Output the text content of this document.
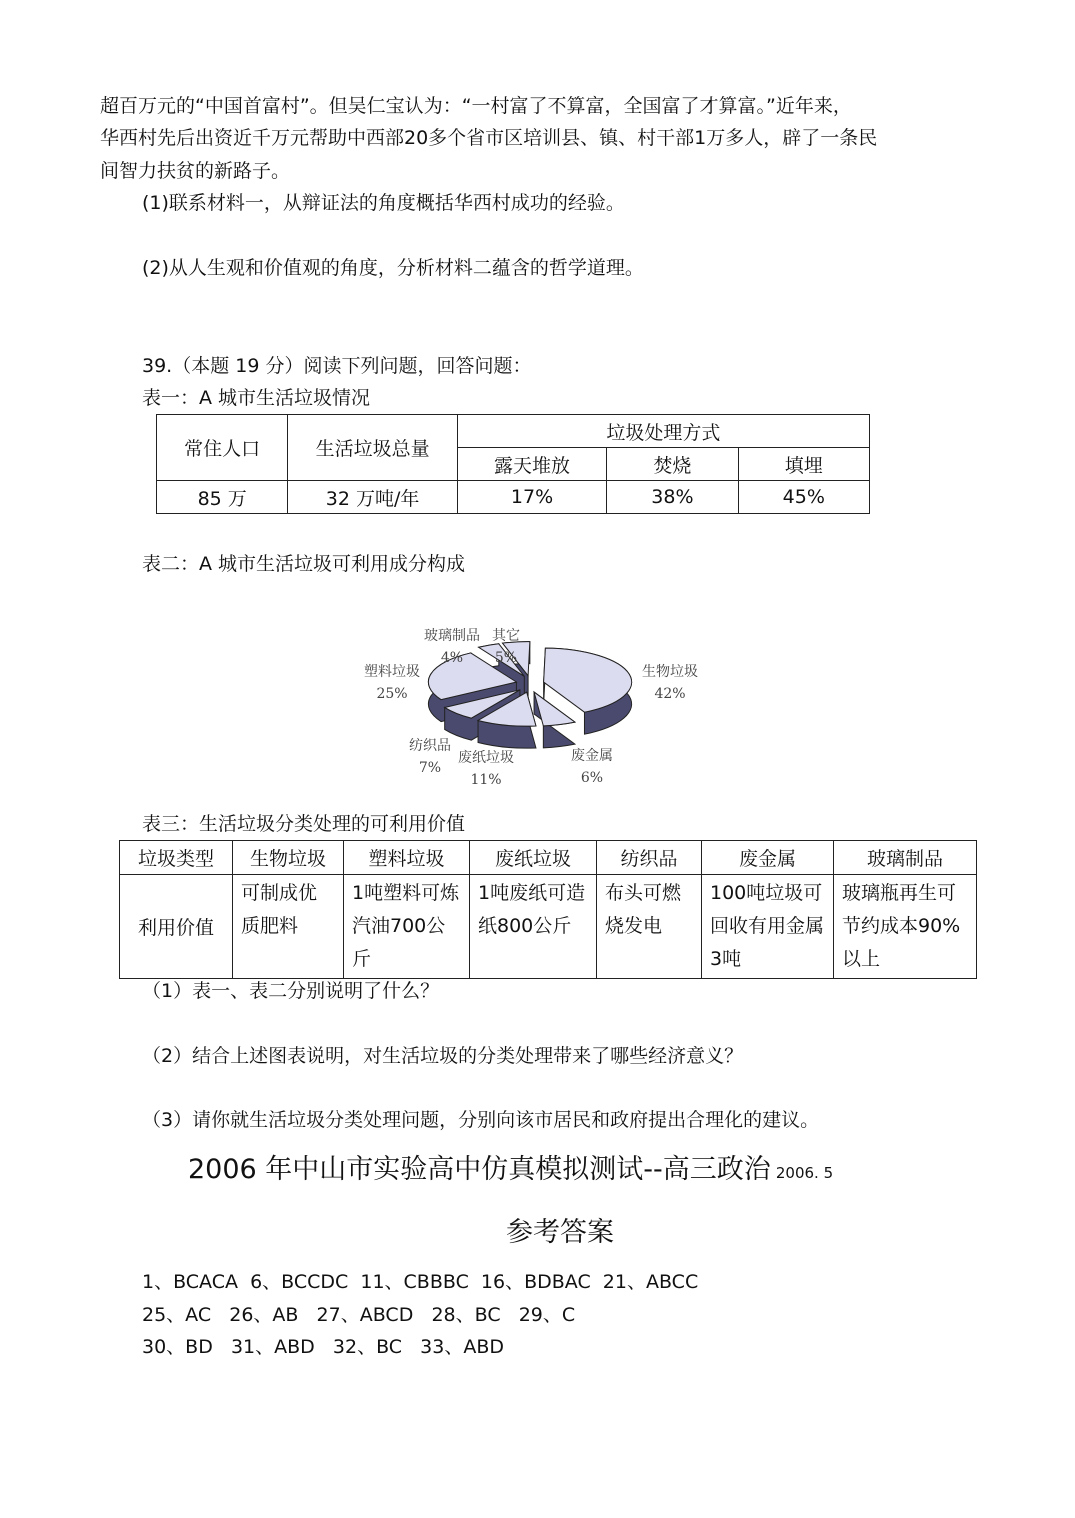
超百万元的“中国首富村”。但吴仁宝认为：“一村富了不算富，全国富了才算富。”近年来，
华西村先后出资近千万元帮助中西部20多个省市区培训县、镇、村干部1万多人，辟了一条民
间智力扶贫的新路子。
(1)联系材料一，从辩证法的角度概括华西村成功的经验。
(2)从人生观和价值观的角度，分析材料二蕴含的哲学道理。
39.（本题 19 分）阅读下列问题，回答问题：
表一：A 城市生活垃圾情况
常住人口	生活垃圾总量	垃圾处理方式		
		露天堆放	焚烧	填埋
85 万	32 万吨/年	17%	38%	45%
表二：A 城市生活垃圾可利用成分构成
生物垃圾
42%
废金属
6%
废纸垃圾
11%
纺织品
7%
塑料垃圾
25%
玻璃制品
4%
其它
5%
表三：生活垃圾分类处理的可利用价值
垃圾类型	生物垃圾	塑料垃圾	废纸垃圾	纺织品	废金属	玻璃制品
利用价值	可制成优质肥料	1吨塑料可炼汽油700公斤	1吨废纸可造纸800公斤	布头可燃烧发电	100吨垃圾可回收有用金属3吨	玻璃瓶再生可节约成本90%以上
（1）表一、表二分别说明了什么？
（2）结合上述图表说明，对生活垃圾的分类处理带来了哪些经济意义？
（3）请你就生活垃圾分类处理问题，分别向该市居民和政府提出合理化的建议。
2006 年中山市实验高中仿真模拟测试--高三政治 2006. 5
参考答案
1、BCACA  6、BCCDC  11、CBBBC  16、BDBAC  21、ABCC
25、AC   26、AB   27、ABCD   28、BC   29、C
30、BD   31、ABD   32、BC   33、ABD
